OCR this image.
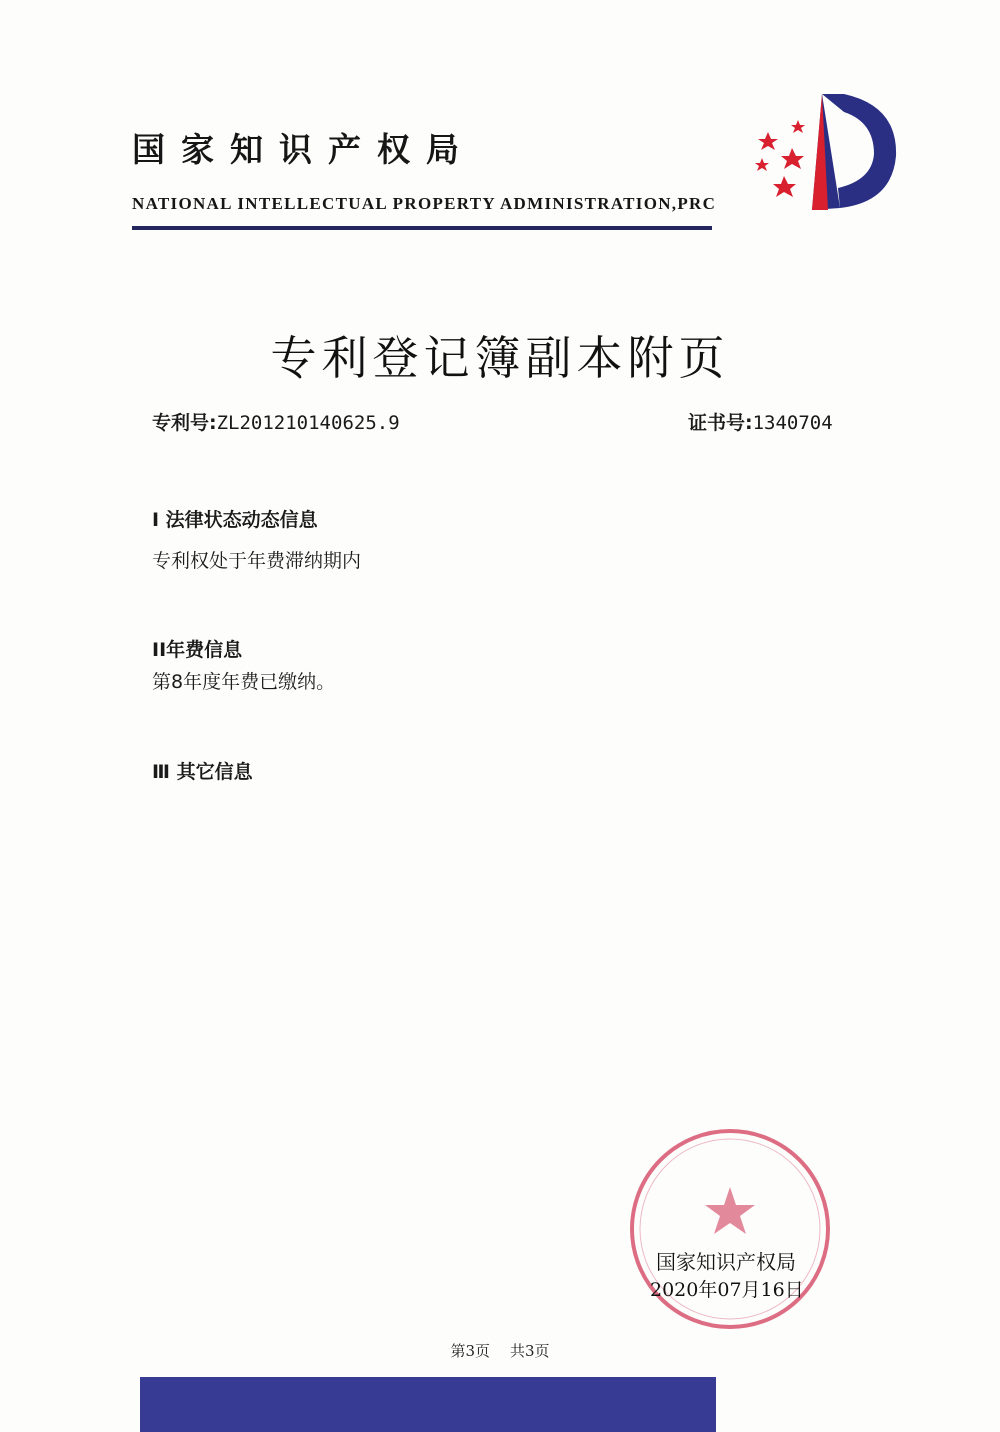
国家知识产权局
NATIONAL INTELLECTUAL PROPERTY ADMINISTRATION,PRC
专利登记簿副本附页
专利号:ZL201210140625.9	证书号:1340704
I 法律状态动态信息
专利权处于年费滞纳期内
II年费信息
第8年度年费已缴纳。
Ⅲ 其它信息
国家知识产权局
2020年07月16日
第3页 共3页
